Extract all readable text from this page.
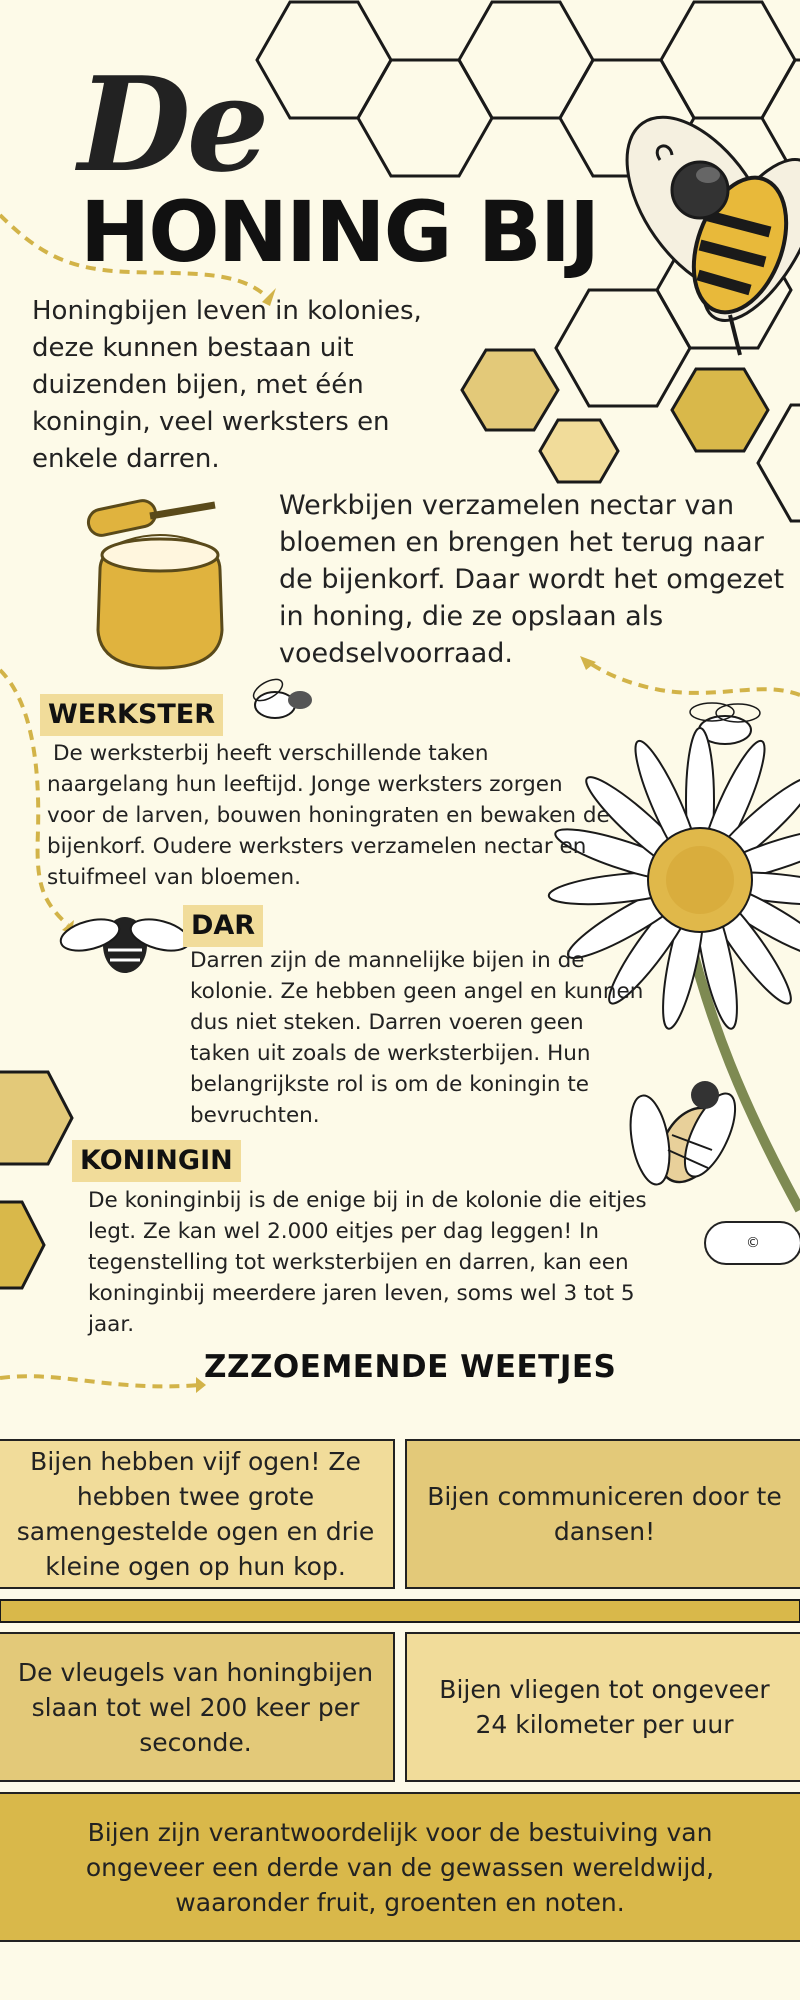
De
HONING BIJ
Honingbijen leven in kolonies, deze kunnen bestaan uit duizenden bijen, met één koningin, veel werksters en enkele darren.
Werkbijen verzamelen nectar van bloemen en brengen het terug naar de bijenkorf. Daar wordt het omgezet in honing, die ze opslaan als voedselvoorraad.
WERKSTER
De werksterbij heeft verschillende taken naargelang hun leeftijd. Jonge werksters zorgen voor de larven, bouwen honingraten en bewaken de bijenkorf. Oudere werksters verzamelen nectar en stuifmeel van bloemen.
DAR
Darren zijn de mannelijke bijen in de kolonie. Ze hebben geen angel en kunnen dus niet steken. Darren voeren geen taken uit zoals de werksterbijen. Hun belangrijkste rol is om de koningin te bevruchten.
KONINGIN
De koninginbij is de enige bij in de kolonie die eitjes legt. Ze kan wel 2.000 eitjes per dag leggen! In tegenstelling tot werksterbijen en darren, kan een koninginbij meerdere jaren leven, soms wel 3 tot 5 jaar.
©
ZZZOEMENDE WEETJES
Bijen hebben vijf ogen! Ze hebben twee grote samengestelde ogen en drie kleine ogen op hun kop.
Bijen communiceren door te dansen!
De vleugels van honingbijen slaan tot wel 200 keer per seconde.
Bijen vliegen tot ongeveer 24 kilometer per uur
Bijen zijn verantwoordelijk voor de bestuiving van ongeveer een derde van de gewassen wereldwijd, waaronder fruit, groenten en noten.
